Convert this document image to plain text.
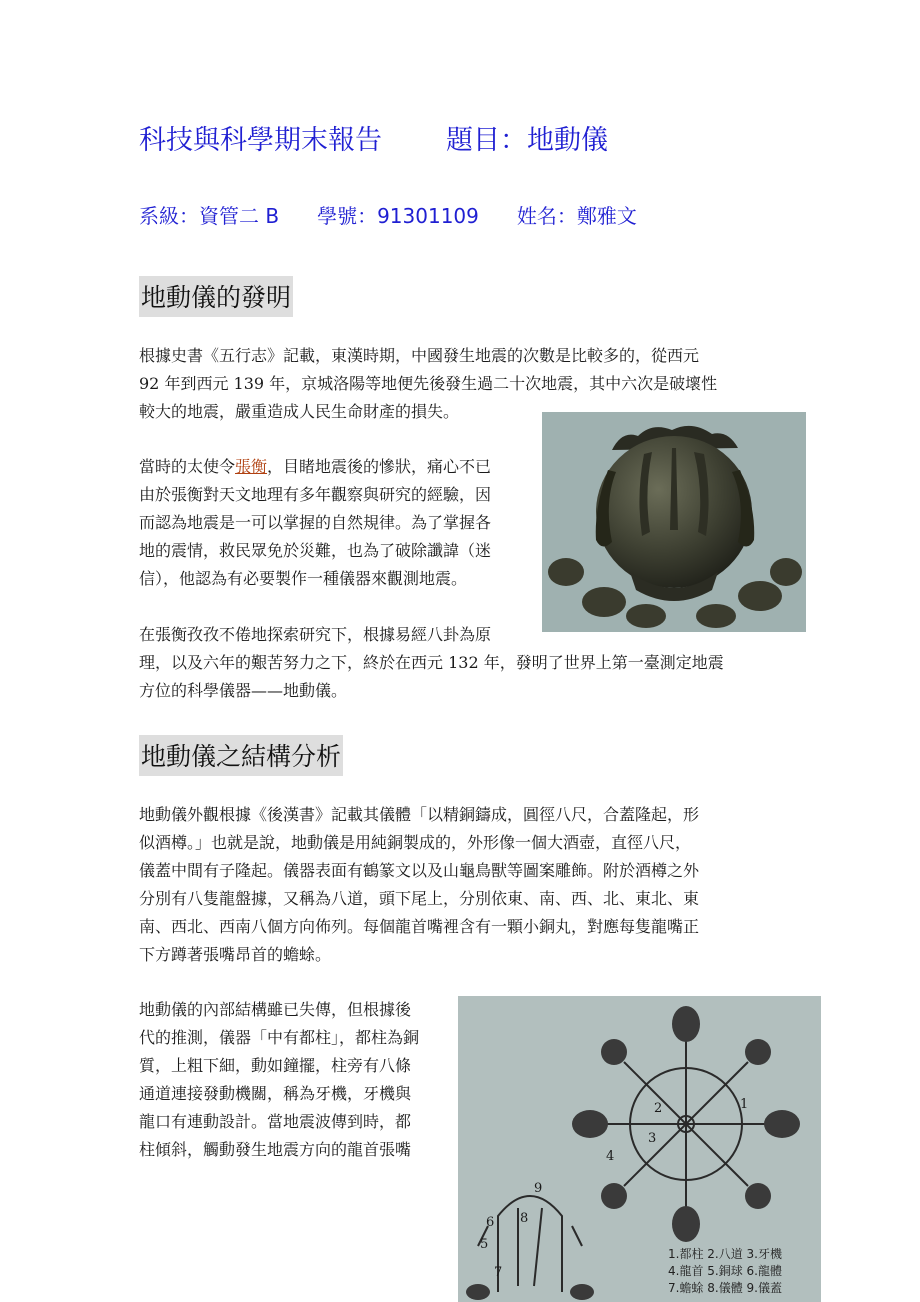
科技與科學期末報告 題目：地動儀
系級：資管二 B 學號：91301109 姓名：鄭雅文
地動儀的發明
根據史書《五行志》記載，東漢時期，中國發生地震的次數是比較多的，從西元
92 年到西元 139 年，京城洛陽等地便先後發生過二十次地震，其中六次是破壞性
較大的地震，嚴重造成人民生命財產的損失。
當時的太使令張衡，目睹地震後的慘狀，痛心不已
由於張衡對天文地理有多年觀察與研究的經驗，因
而認為地震是一可以掌握的自然規律。為了掌握各
地的震情，救民眾免於災難，也為了破除讖諱（迷
信），他認為有必要製作一種儀器來觀測地震。
在張衡孜孜不倦地探索研究下，根據易經八卦為原
理，以及六年的艱苦努力之下，終於在西元 132 年，發明了世界上第一臺測定地震
方位的科學儀器——地動儀。
地動儀之結構分析
地動儀外觀根據《後漢書》記載其儀體「以精銅鑄成，圓徑八尺，合蓋隆起，形
似酒樽。」也就是說，地動儀是用純銅製成的，外形像一個大酒壺，直徑八尺，
儀蓋中間有子隆起。儀器表面有鶴篆文以及山龜鳥獸等圖案雕飾。附於酒樽之外
分別有八隻龍盤據，又稱為八道，頭下尾上，分別依東、南、西、北、東北、東
南、西北、西南八個方向佈列。每個龍首嘴裡含有一顆小銅丸，對應每隻龍嘴正
下方蹲著張嘴昂首的蟾蜍。
地動儀的內部結構雖已失傳，但根據後
代的推測，儀器「中有都柱」，都柱為銅
質，上粗下細，動如鐘擺，柱旁有八條
通道連接發動機關，稱為牙機，牙機與
龍口有連動設計。當地震波傳到時，都
柱傾斜，觸動發生地震方向的龍首張嘴
1
2
3
4
5
6
7
8
9
1.都柱 2.八道 3.牙機
4.龍首 5.銅球 6.龍體
7.蟾蜍 8.儀體 9.儀蓋
